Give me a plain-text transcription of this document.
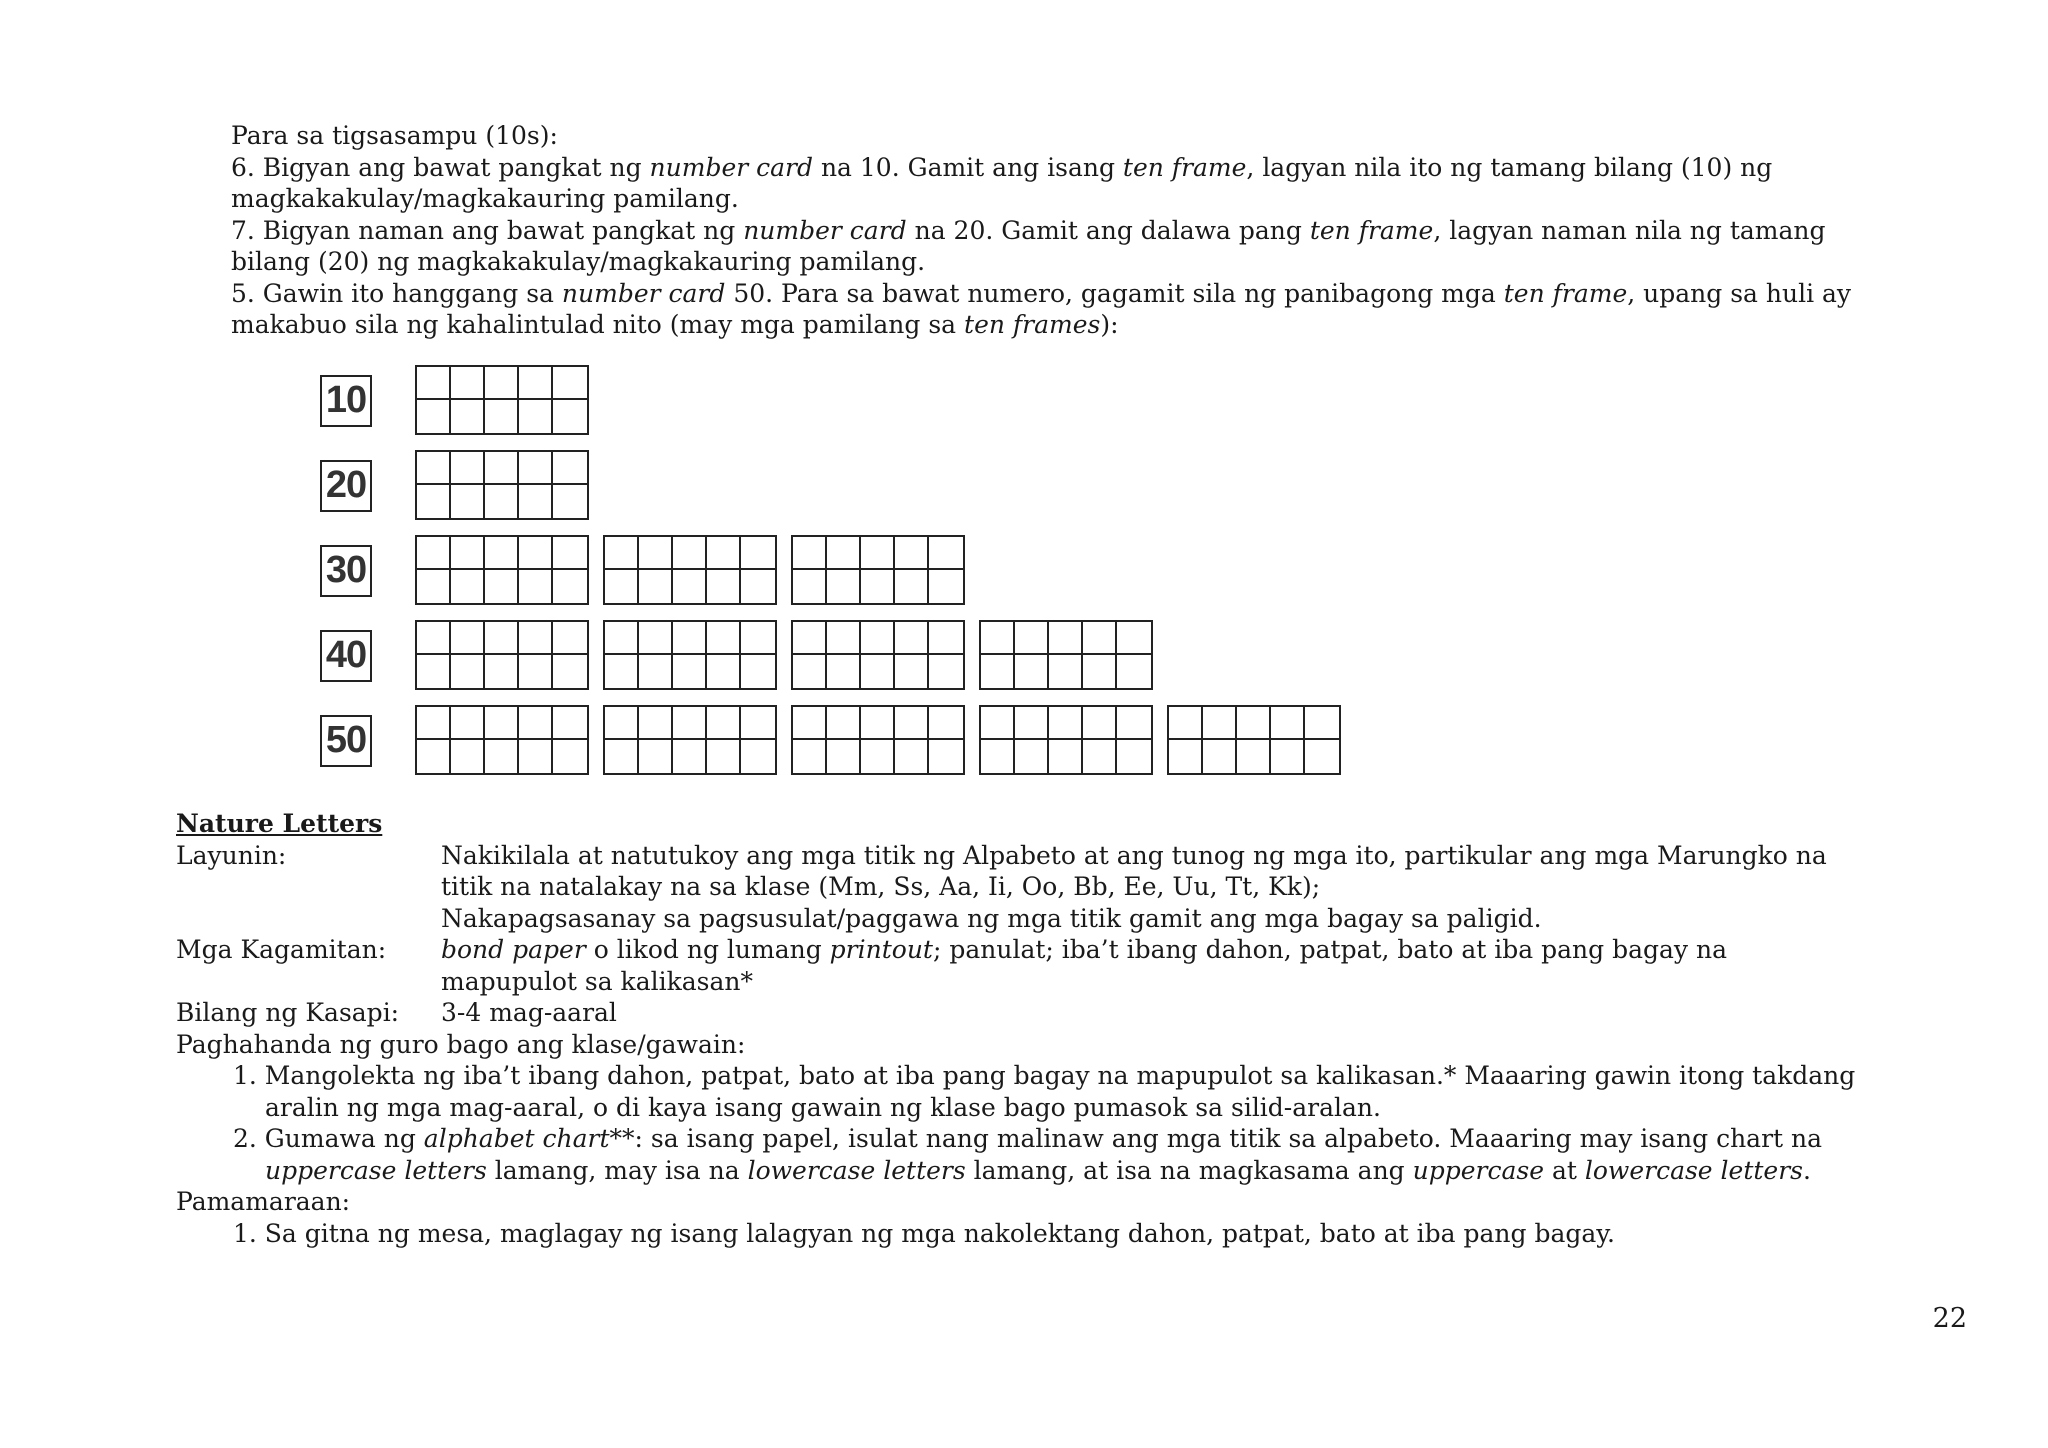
Para sa tigsasampu (10s):
6. Bigyan ang bawat pangkat ng number card na 10. Gamit ang isang ten frame, lagyan nila ito ng tamang bilang (10) ng
magkakakulay/magkakauring pamilang.
7. Bigyan naman ang bawat pangkat ng number card na 20. Gamit ang dalawa pang ten frame, lagyan naman nila ng tamang
bilang (20) ng magkakakulay/magkakauring pamilang.
5. Gawin ito hanggang sa number card 50. Para sa bawat numero, gagamit sila ng panibagong mga ten frame, upang sa huli ay
makabuo sila ng kahalintulad nito (may mga pamilang sa ten frames):
10
20
30
40
50
Nature Letters
Layunin:	Nakikilala at natutukoy ang mga titik ng Alpabeto at ang tunog ng mga ito, partikular ang mga Marungko na
titik na natalakay na sa klase (Mm, Ss, Aa, Ii, Oo, Bb, Ee, Uu, Tt, Kk);
Nakapagsasanay sa pagsusulat/paggawa ng mga titik gamit ang mga bagay sa paligid.
Mga Kagamitan:	bond paper o likod ng lumang printout; panulat; iba’t ibang dahon, patpat, bato at iba pang bagay na
mapupulot sa kalikasan*
Bilang ng Kasapi:	3-4 mag-aaral
Paghahanda ng guro bago ang klase/gawain:
1. Mangolekta ng iba’t ibang dahon, patpat, bato at iba pang bagay na mapupulot sa kalikasan.* Maaaring gawin itong takdang aralin ng mga mag-aaral, o di kaya isang gawain ng klase bago pumasok sa silid-aralan.
2. Gumawa ng alphabet chart**: sa isang papel, isulat nang malinaw ang mga titik sa alpabeto. Maaaring may isang chart na uppercase letters lamang, may isa na lowercase letters lamang, at isa na magkasama ang uppercase at lowercase letters.
Pamamaraan:
1. Sa gitna ng mesa, maglagay ng isang lalagyan ng mga nakolektang dahon, patpat, bato at iba pang bagay.
22
